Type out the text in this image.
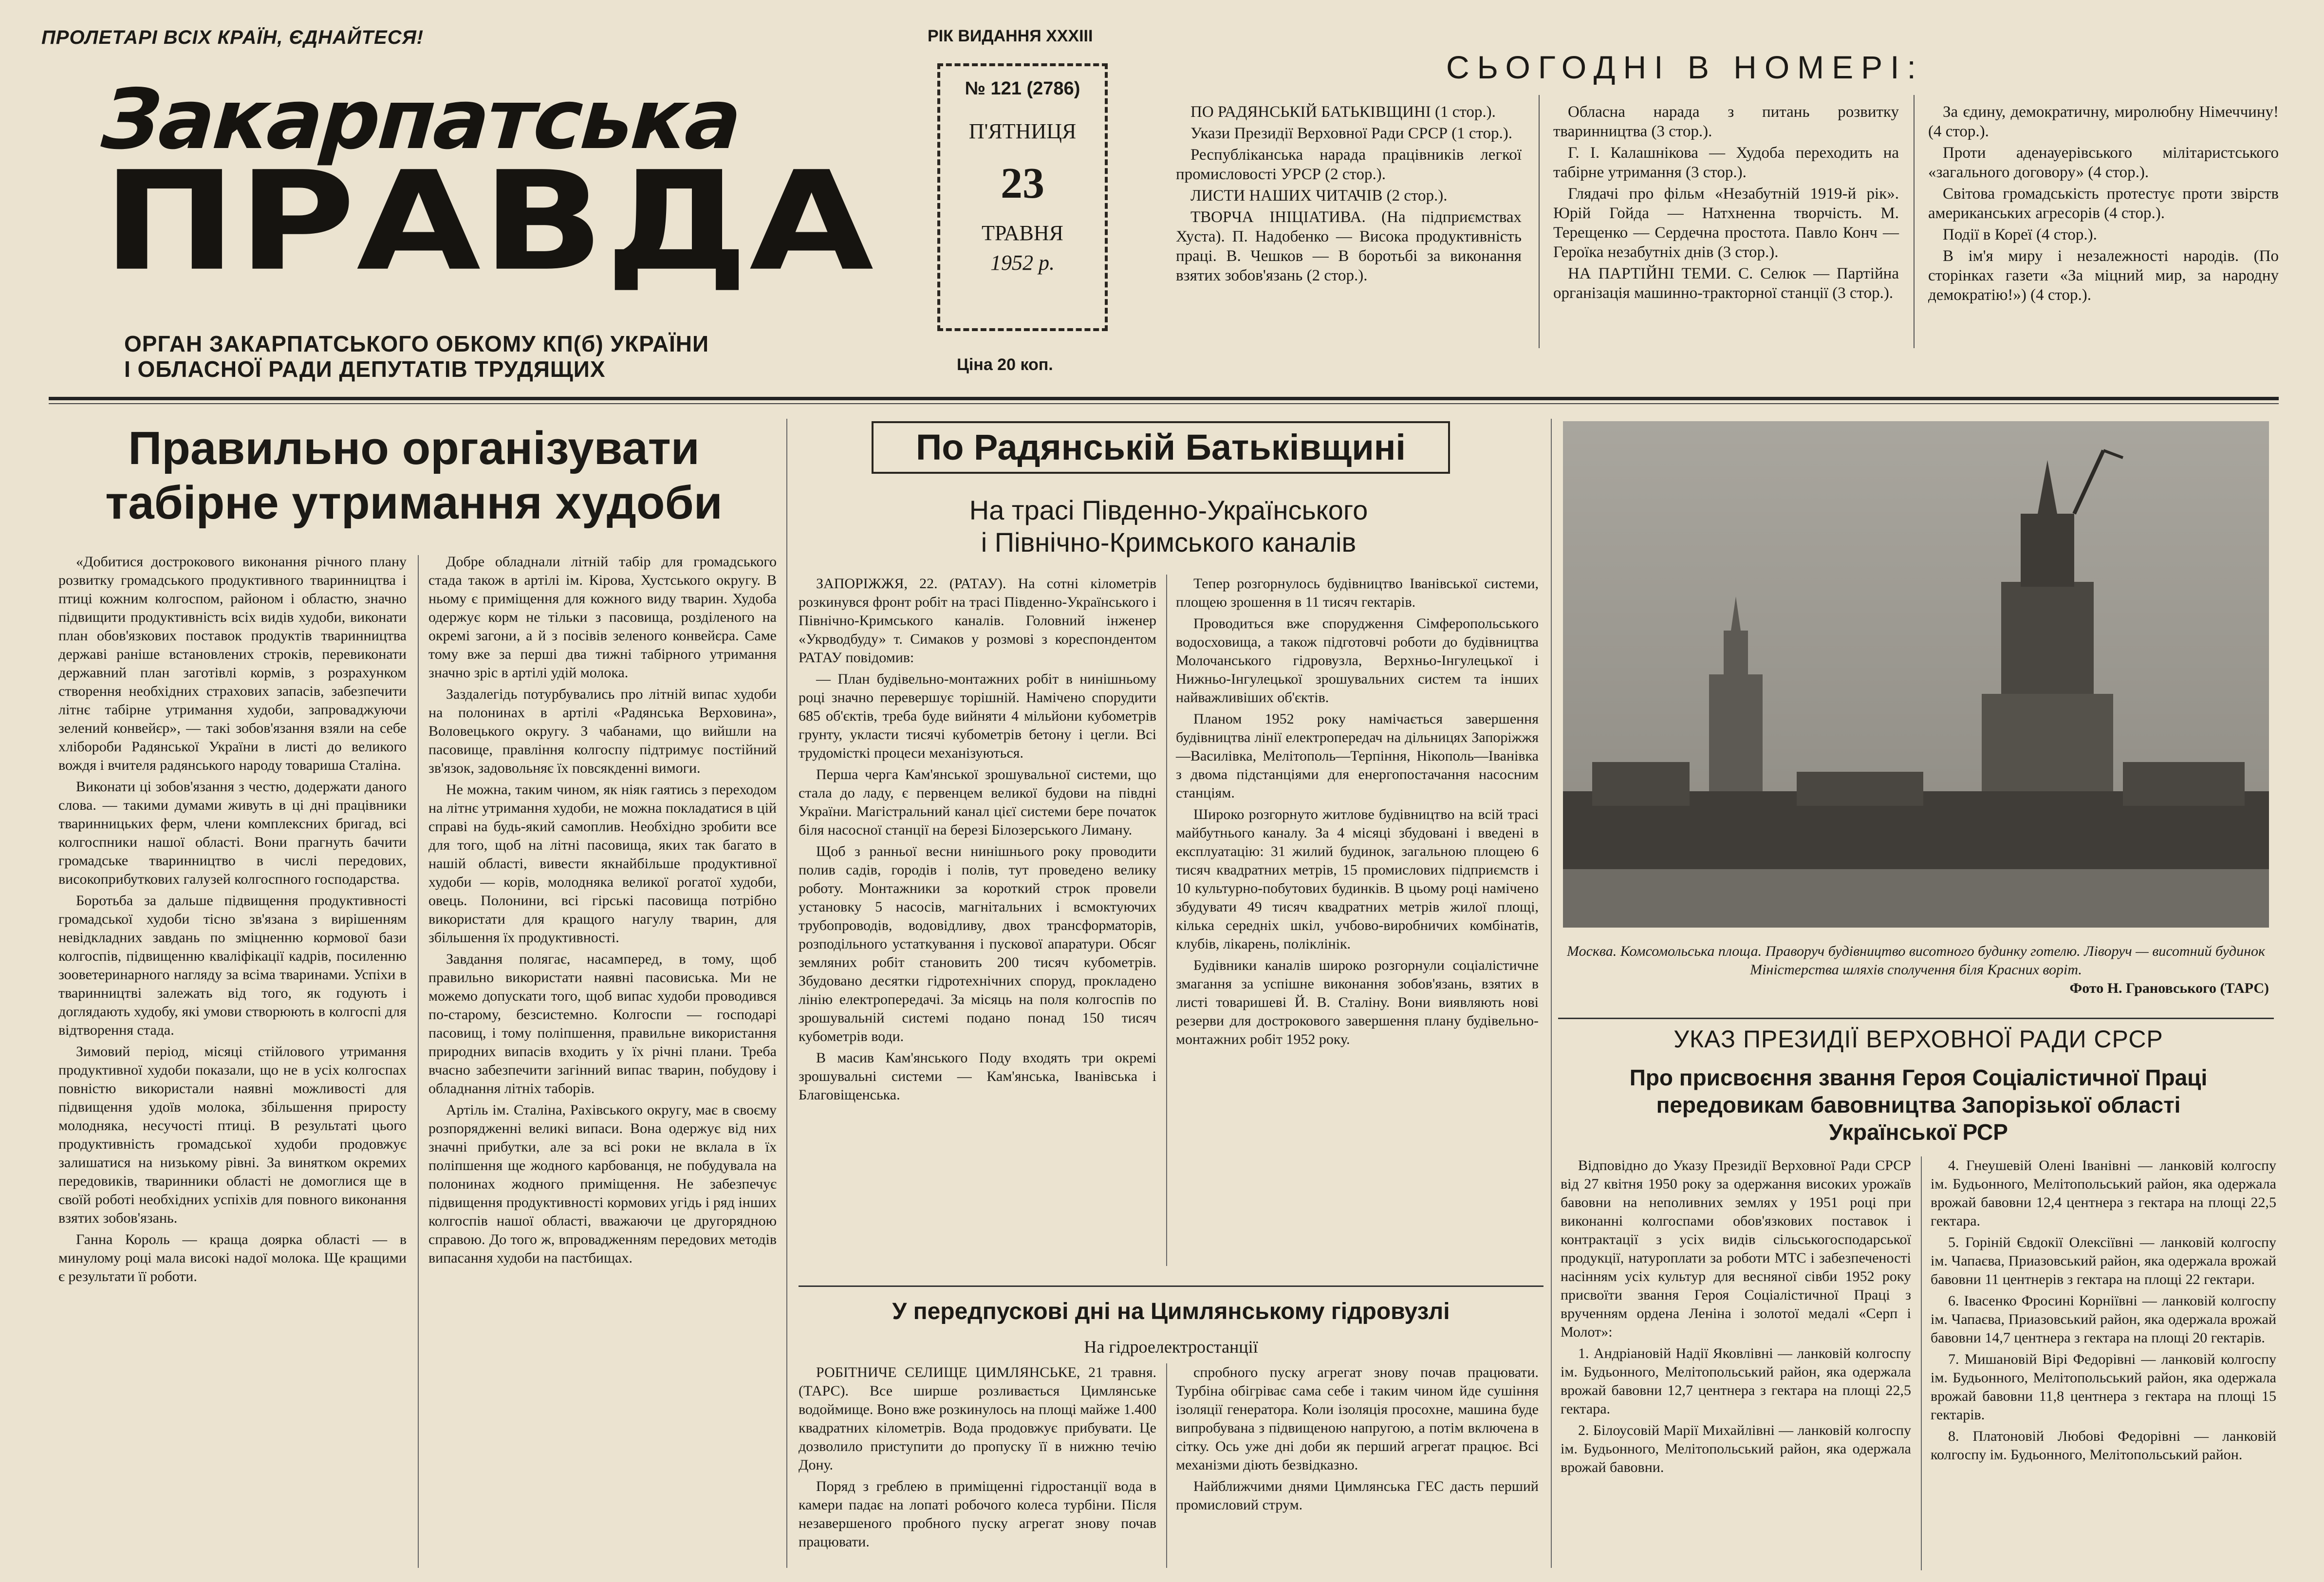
ПРОЛЕТАРІ ВСІХ КРАЇН, ЄДНАЙТЕСЯ!
Закарпатська
ПРАВДА
ОРГАН ЗАКАРПАТСЬКОГО ОБКОМУ КП(б) УКРАЇНИ
І ОБЛАСНОЇ РАДИ ДЕПУТАТІВ ТРУДЯЩИХ
РІК ВИДАННЯ XXXIII
№ 121 (2786)
П'ЯТНИЦЯ
23
ТРАВНЯ
1952 р.
Ціна 20 коп.
СЬОГОДНІ В НОМЕРІ:

ПО РАДЯНСЬКІЙ БАТЬКІВЩИНІ (1 стор.).

Укази Президії Верховної Ради СРСР (1 стор.).

Республіканська нарада працівників легкої промисловості УРСР (2 стор.).

ЛИСТИ НАШИХ ЧИТАЧІВ (2 стор.).

ТВОРЧА ІНІЦІАТИВА. (На підприємствах Хуста). П. Надобенко — Висока продуктивність праці. В. Чешков — В боротьбі за виконання взятих зобов'язань (2 стор.).

Обласна нарада з питань розвитку тваринництва (3 стор.).

Г. І. Калашнікова — Худоба переходить на табірне утримання (3 стор.).

Глядачі про фільм «Незабутній 1919-й рік». Юрій Гойда — Натхненна творчість. М. Терещенко — Сердечна простота. Павло Конч — Героїка незабутніх днів (3 стор.).

НА ПАРТІЙНІ ТЕМИ. С. Селюк — Партійна організація машинно-тракторної станції (3 стор.).

За єдину, демократичну, миролюбну Німеччину! (4 стор.).

Проти аденауерівського мілітаристського «загального договору» (4 стор.).

Світова громадськість протестує проти звірств американських агресорів (4 стор.).

Події в Кореї (4 стор.).

В ім'я миру і незалежності народів. (По сторінках газети «За міцний мир, за народну демократію!») (4 стор.).

Правильно організувати
табірне утримання худоби

«Добитися дострокового виконання річного плану розвитку громадського продуктивного тваринництва і птиці кожним колгоспом, районом і областю, значно підвищити продуктивність всіх видів худоби, виконати план обов'язкових поставок продуктів тваринництва державі раніше встановлених строків, перевиконати державний план заготівлі кормів, з розрахунком створення необхідних страхових запасів, забезпечити літнє табірне утримання худоби, запроваджуючи зелений конвейєр», — такі зобов'язання взяли на себе хлібороби Радянської України в листі до великого вождя і вчителя радянського народу товариша Сталіна.

Виконати ці зобов'язання з честю, додержати даного слова. — такими думами живуть в ці дні працівники тваринницьких ферм, члени комплексних бригад, всі колгоспники нашої області. Вони прагнуть бачити громадське тваринництво в числі передових, високоприбуткових галузей колгоспного господарства.

Боротьба за дальше підвищення продуктивності громадської худоби тісно зв'язана з вирішенням невідкладних завдань по зміцненню кормової бази колгоспів, підвищенню кваліфікації кадрів, посиленню зооветеринарного нагляду за всіма тваринами. Успіхи в тваринництві залежать від того, як годують і доглядають худобу, які умови створюють в колгоспі для відтворення стада.

Зимовий період, місяці стійлового утримання продуктивної худоби показали, що не в усіх колгоспах повністю використали наявні можливості для підвищення удоїв молока, збільшення приросту молодняка, несучості птиці. В результаті цього продуктивність громадської худоби продовжує залишатися на низькому рівні. За винятком окремих передовиків, тваринники області не домоглися ще в своїй роботі необхідних успіхів для повного виконання взятих зобов'язань.

Ганна Король — краща доярка області — в минулому році мала високі надої молока. Ще кращими є результати її роботи.

Добре обладнали літній табір для громадського стада також в артілі ім. Кірова, Хустського округу. В ньому є приміщення для кожного виду тварин. Худоба одержує корм не тільки з пасовища, розділеного на окремі загони, а й з посівів зеленого конвейєра. Саме тому вже за перші два тижні табірного утримання значно зріс в артілі удій молока.

Заздалегідь потурбувались про літній випас худоби на полонинах в артілі «Радянська Верховина», Воловецького округу. З чабанами, що вийшли на пасовище, правління колгоспу підтримує постійний зв'язок, задовольняє їх повсякденні вимоги.

Не можна, таким чином, як ніяк гаятись з переходом на літнє утримання худоби, не можна покладатися в цій справі на будь-який самоплив. Необхідно зробити все для того, щоб на літні пасовища, яких так багато в нашій області, вивести якнайбільше продуктивної худоби — корів, молодняка великої рогатої худоби, овець. Полонини, всі гірські пасовища потрібно використати для кращого нагулу тварин, для збільшення їх продуктивності.

Завдання полягає, насамперед, в тому, щоб правильно використати наявні пасовиська. Ми не можемо допускати того, щоб випас худоби проводився по-старому, безсистемно. Колгоспи — господарі пасовищ, і тому поліпшення, правильне використання природних випасів входить у їх річні плани. Треба вчасно забезпечити загінний випас тварин, побудову і обладнання літніх таборів.

Артіль ім. Сталіна, Рахівського округу, має в своєму розпорядженні великі випаси. Вона одержує від них значні прибутки, але за всі роки не вклала в їх поліпшення ще жодного карбованця, не побудувала на полонинах жодного приміщення. Не забезпечує підвищення продуктивності кормових угідь і ряд інших колгоспів нашої області, вважаючи це другорядною справою. До того ж, впровадженням передових методів випасання худоби на пастбищах.

По Радянській Батьківщині
На трасі Південно-Українського
і Північно-Кримського каналів

ЗАПОРІЖЖЯ, 22. (РАТАУ). На сотні кілометрів розкинувся фронт робіт на трасі Південно-Українського і Північно-Кримського каналів. Головний інженер «Укрводбуду» т. Симаков у розмові з кореспондентом РАТАУ повідомив:

— План будівельно-монтажних робіт в нинішньому році значно перевершує торішній. Намічено спорудити 685 об'єктів, треба буде вийняти 4 мільйони кубометрів грунту, укласти тисячі кубометрів бетону і цегли. Всі трудомісткі процеси механізуються.

Перша черга Кам'янської зрошувальної системи, що стала до ладу, є первенцем великої будови на півдні України. Магістральний канал цієї системи бере початок біля насосної станції на березі Білозерського Лиману.

Щоб з ранньої весни нинішнього року проводити полив садів, городів і полів, тут проведено велику роботу. Монтажники за короткий строк провели установку 5 насосів, магнітальних і всмоктуючих трубопроводів, водовідливу, двох трансформаторів, розподільного устаткування і пускової апаратури. Обсяг земляних робіт становить 200 тисяч кубометрів. Збудовано десятки гідротехнічних споруд, прокладено лінію електропередачі. За місяць на поля колгоспів по зрошувальній системі подано понад 150 тисяч кубометрів води.

В масив Кам'янського Поду входять три окремі зрошувальні системи — Кам'янська, Іванівська і Благовіщенська.

Тепер розгорнулось будівництво Іванівської системи, площею зрошення в 11 тисяч гектарів.

Проводиться вже спорудження Сімферопольського водосховища, а також підготовчі роботи до будівництва Молочанського гідровузла, Верхньо-Інгулецької і Нижньо-Інгулецької зрошувальних систем та інших найважливіших об'єктів.

Планом 1952 року намічається завершення будівництва лінії електропередач на дільницях Запоріжжя—Василівка, Мелітополь—Терпіння, Нікополь—Іванівка з двома підстанціями для енергопостачання насосним станціям.

Широко розгорнуто житлове будівництво на всій трасі майбутнього каналу. За 4 місяці збудовані і введені в експлуатацію: 31 жилий будинок, загальною площею 6 тисяч квадратних метрів, 15 промислових підприємств і 10 культурно-побутових будинків. В цьому році намічено збудувати 49 тисяч квадратних метрів жилої площі, кілька середніх шкіл, учбово-виробничих комбінатів, клубів, лікарень, поліклінік.

Будівники каналів широко розгорнули соціалістичне змагання за успішне виконання зобов'язань, взятих в листі товаришеві Й. В. Сталіну. Вони виявляють нові резерви для дострокового завершення плану будівельно-монтажних робіт 1952 року.

У передпускові дні на Цимлянському гідровузлі
На гідроелектростанції

РОБІТНИЧЕ СЕЛИЩЕ ЦИМЛЯНСЬКЕ, 21 травня. (ТАРС). Все ширше розливається Цимлянське водоймище. Воно вже розкинулось на площі майже 1.400 квадратних кілометрів. Вода продовжує прибувати. Це дозволило приступити до пропуску її в нижню течію Дону.

Поряд з греблею в приміщенні гідростанції вода в камери падає на лопаті робочого колеса турбіни. Після незавершеного пробного пуску агрегат знову почав працювати.

спробного пуску агрегат знову почав працювати. Турбіна обігріває сама себе і таким чином йде сушіння ізоляції генератора. Коли ізоляція просохне, машина буде випробувана з підвищеною напругою, а потім включена в сітку. Ось уже дні доби як перший агрегат працює. Всі механізми діють безвідказно.

Найближчими днями Цимлянська ГЕС дасть перший промисловий струм.

Москва. Комсомольська площа. Праворуч будівництво висотного будинку готелю. Ліворуч — висотний будинок Міністерства шляхів сполучення біля Красних воріт.
Фото Н. Грановського (ТАРС)
УКАЗ ПРЕЗИДІЇ ВЕРХОВНОЇ РАДИ СРСР
Про присвоєння звання Героя Соціалістичної Праці
передовикам бавовництва Запорізької області
Української РСР

Відповідно до Указу Президії Верховної Ради СРСР від 27 квітня 1950 року за одержання високих урожаїв бавовни на неполивних землях у 1951 році при виконанні колгоспами обов'язкових поставок і контрактації з усіх видів сільськогосподарської продукції, натуроплати за роботи МТС і забезпеченості насінням усіх культур для весняної сівби 1952 року присвоїти звання Героя Соціалістичної Праці з врученням ордена Леніна і золотої медалі «Серп і Молот»:

1. Андріановій Надії Яковлівні — ланковій колгоспу ім. Будьонного, Мелітопольський район, яка одержала врожай бавовни 12,7 центнера з гектара на площі 22,5 гектара.

2. Білоусовій Марії Михайлівні — ланковій колгоспу ім. Будьонного, Мелітопольський район, яка одержала врожай бавовни.

4. Гнеушевій Олені Іванівні — ланковій колгоспу ім. Будьонного, Мелітопольський район, яка одержала врожай бавовни 12,4 центнера з гектара на площі 22,5 гектара.

5. Горіній Євдокії Олексіївні — ланковій колгоспу ім. Чапаєва, Приазовський район, яка одержала врожай бавовни 11 центнерів з гектара на площі 22 гектари.

6. Івасенко Фросині Корніївні — ланковій колгоспу ім. Чапаєва, Приазовський район, яка одержала врожай бавовни 14,7 центнера з гектара на площі 20 гектарів.

7. Мишановій Вірі Федорівні — ланковій колгоспу ім. Будьонного, Мелітопольський район, яка одержала врожай бавовни 11,8 центнера з гектара на площі 15 гектарів.

8. Платоновій Любові Федорівні — ланковій колгоспу ім. Будьонного, Мелітопольський район.
